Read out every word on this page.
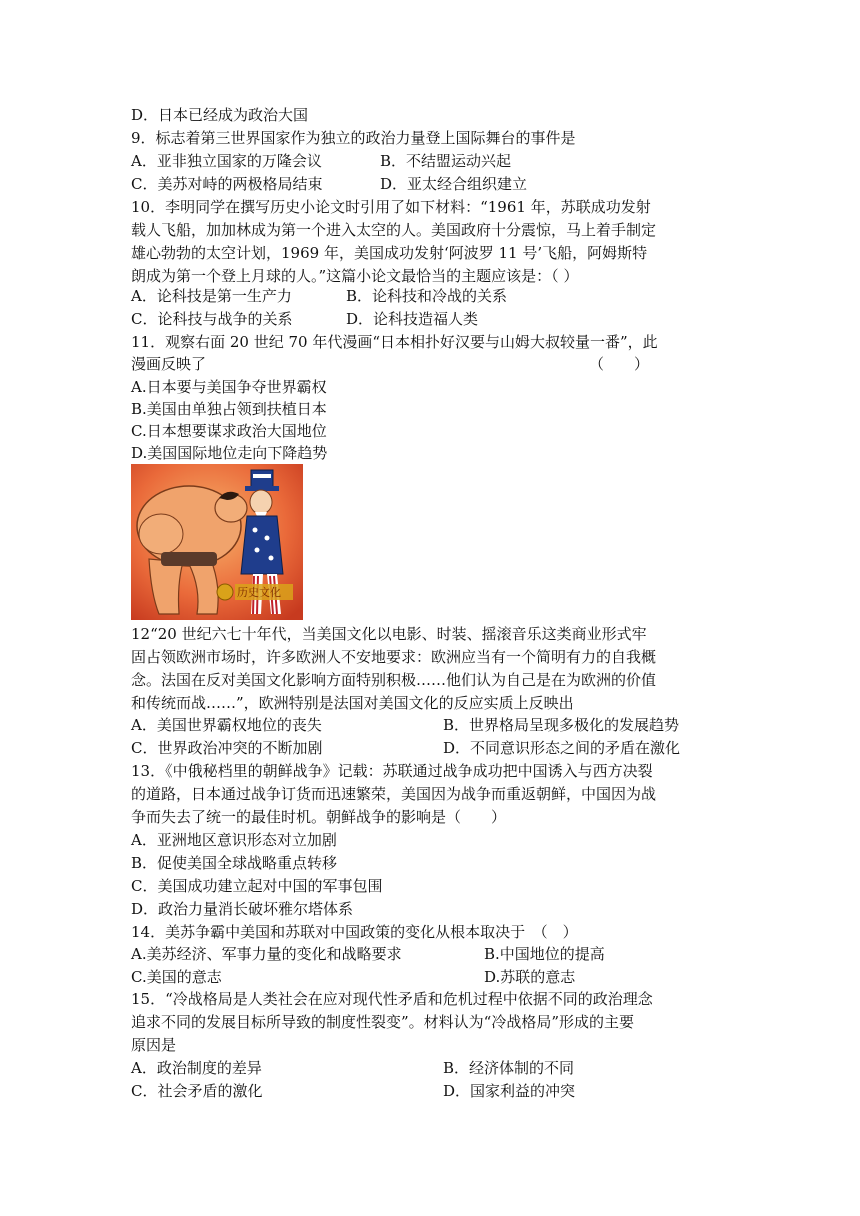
D．日本已经成为政治大国
9．标志着第三世界国家作为独立的政治力量登上国际舞台的事件是
A．亚非独立国家的万隆会议	B．不结盟运动兴起
C．美苏对峙的两极格局结束	D．亚太经合组织建立
10．李明同学在撰写历史小论文时引用了如下材料：“1961 年，苏联成功发射
载人飞船，加加林成为第一个进入太空的人。美国政府十分震惊，马上着手制定
雄心勃勃的太空计划，1969 年，美国成功发射‘阿波罗 11 号’飞船，阿姆斯特
朗成为第一个登上月球的人。”这篇小论文最恰当的主题应该是：（ ）
A．论科技是第一生产力	B．论科技和冷战的关系
C．论科技与战争的关系	D．论科技造福人类
11．观察右面 20 世纪 70 年代漫画“日本相扑好汉要与山姆大叔较量一番”，此
漫画反映了	（　　）
A.日本要与美国争夺世界霸权
B.美国由单独占领到扶植日本
C.日本想要谋求政治大国地位
D.美国国际地位走向下降趋势
历史文化
12“20 世纪六七十年代，当美国文化以电影、时装、摇滚音乐这类商业形式牢
固占领欧洲市场时，许多欧洲人不安地要求：欧洲应当有一个简明有力的自我概
念。法国在反对美国文化影响方面特别积极……他们认为自己是在为欧洲的价值
和传统而战……”，欧洲特别是法国对美国文化的反应实质上反映出
A．美国世界霸权地位的丧失	B．世界格局呈现多极化的发展趋势
C．世界政治冲突的不断加剧	D．不同意识形态之间的矛盾在激化
13．《中俄秘档里的朝鲜战争》记载：苏联通过战争成功把中国诱入与西方决裂
的道路，日本通过战争订货而迅速繁荣，美国因为战争而重返朝鲜，中国因为战
争而失去了统一的最佳时机。朝鲜战争的影响是（　　）
A．亚洲地区意识形态对立加剧
B．促使美国全球战略重点转移
C．美国成功建立起对中国的军事包围
D．政治力量消长破坏雅尔塔体系
14．美苏争霸中美国和苏联对中国政策的变化从根本取决于　（　）
A.美苏经济、军事力量的变化和战略要求	B.中国地位的提高
C.美国的意志	D.苏联的意志
15．“冷战格局是人类社会在应对现代性矛盾和危机过程中依据不同的政治理念
追求不同的发展目标所导致的制度性裂变”。材料认为“冷战格局”形成的主要
原因是
A．政治制度的差异	B．经济体制的不同
C．社会矛盾的激化	D．国家利益的冲突
